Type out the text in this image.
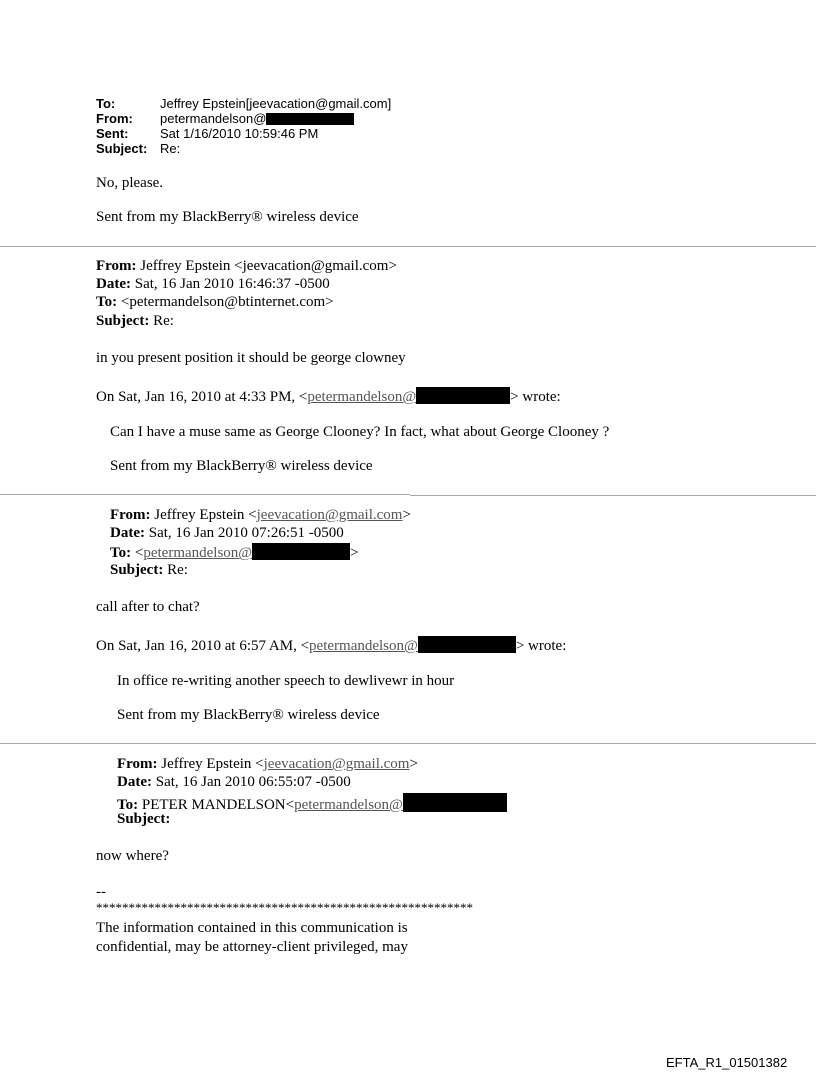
To:	Jeffrey Epstein[jeevacation@gmail.com]
From: petermandelson@
Sent: Sat 1/16/2010 10:59:46 PM
Subject: Re:
No, please.
Sent from my BlackBerry® wireless device
From: Jeffrey Epstein <jeevacation@gmail.com>
Date: Sat, 16 Jan 2010 16:46:37 -0500
To: <petermandelson@btinternet.com>
Subject: Re:
in you present position it should be george clowney
On Sat, Jan 16, 2010 at 4:33 PM, <petermandelson@	> wrote:
Can I have a muse same as George Clooney? In fact, what about George Clooney ?
Sent from my BlackBerry® wireless device
From: Jeffrey Epstein <jeevacation@gmail.com>
Date: Sat, 16 Jan 2010 07:26:51 -0500
To: <petermandelson@	>
Subject: Re:
call after to chat?
On Sat, Jan 16, 2010 at 6:57 AM, <petermandelson@	> wrote:
In office re-writing another speech to dewlivewr in hour
Sent from my BlackBerry® wireless device
From: Jeffrey Epstein <jeevacation@gmail.com>
Date: Sat, 16 Jan 2010 06:55:07 -0500
To: PETER MANDELSON<petermandelson@
Subject:
now where?
--
**********************************************************
The information contained in this communication is
confidential, may be attorney-client privileged, may
EFTA_R1_01501382
